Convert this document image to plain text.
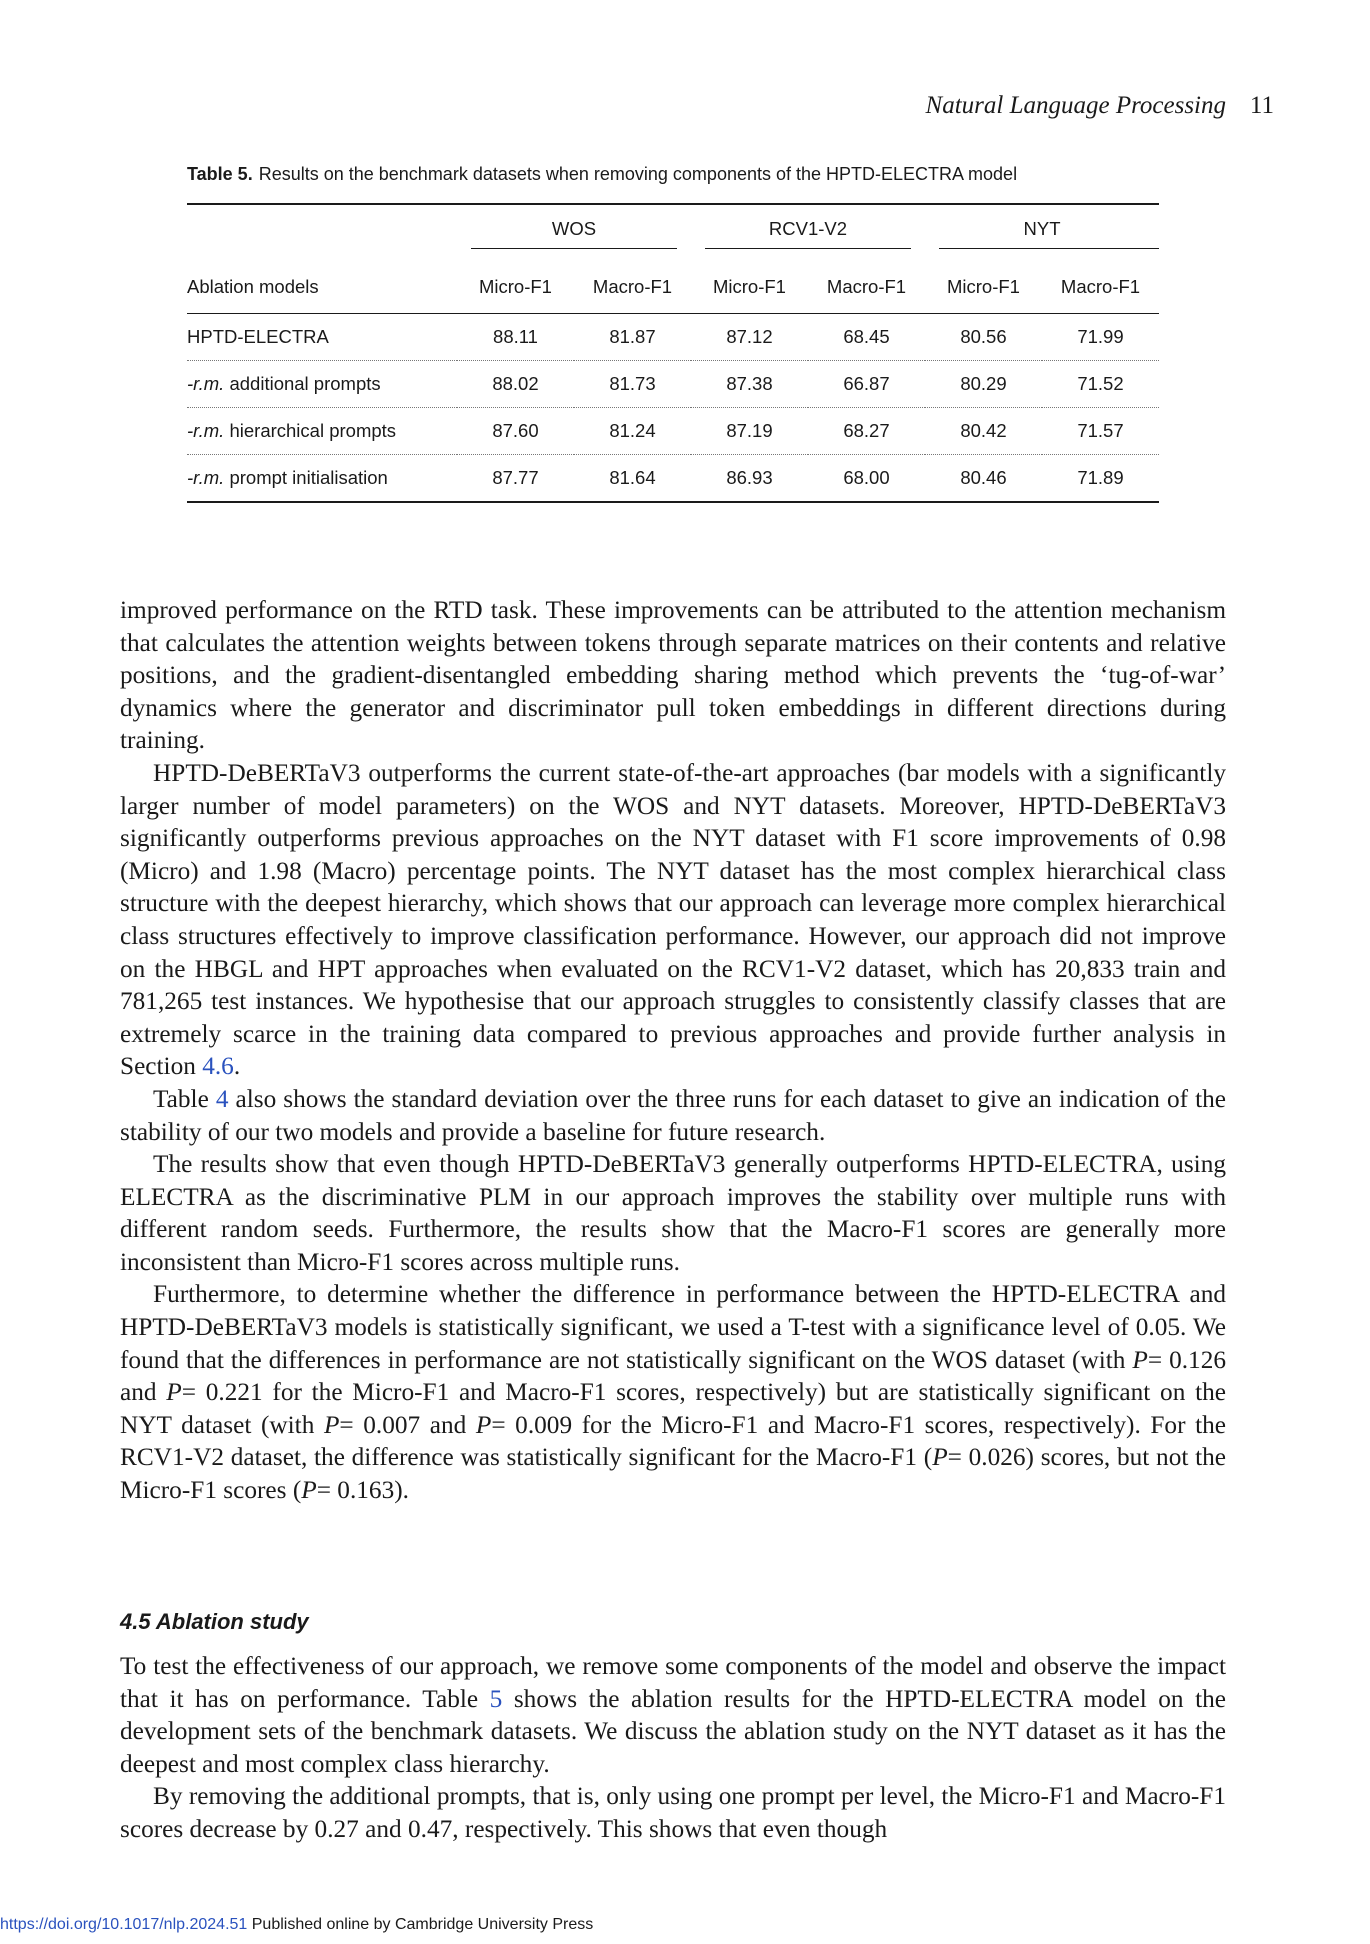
Natural Language Processing 11
Table 5. Results on the benchmark datasets when removing components of the HPTD-ELECTRA model
	WOS		RCV1-V2		NYT	

Ablation models	Micro-F1	Macro-F1	Micro-F1	Macro-F1	Micro-F1	Macro-F1
HPTD-ELECTRA	88.11	81.87	87.12	68.45	80.56	71.99
-r.m. additional prompts	88.02	81.73	87.38	66.87	80.29	71.52
-r.m. hierarchical prompts	87.60	81.24	87.19	68.27	80.42	71.57
-r.m. prompt initialisation	87.77	81.64	86.93	68.00	80.46	71.89

improved performance on the RTD task. These improvements can be attributed to the attention mechanism that calculates the attention weights between tokens through separate matrices on their contents and relative positions, and the gradient-disentangled embedding sharing method which prevents the ‘tug-of-war’ dynamics where the generator and discriminator pull token embeddings in different directions during training.

HPTD-DeBERTaV3 outperforms the current state-of-the-art approaches (bar models with a significantly larger number of model parameters) on the WOS and NYT datasets. Moreover, HPTD-DeBERTaV3 significantly outperforms previous approaches on the NYT dataset with F1 score improvements of 0.98 (Micro) and 1.98 (Macro) percentage points. The NYT dataset has the most complex hierarchical class structure with the deepest hierarchy, which shows that our approach can leverage more complex hierarchical class structures effectively to improve classification performance. However, our approach did not improve on the HBGL and HPT approaches when evaluated on the RCV1-V2 dataset, which has 20,833 train and 781,265 test instances. We hypothesise that our approach struggles to consistently classify classes that are extremely scarce in the training data compared to previous approaches and provide further analysis in Section 4.6.

Table 4 also shows the standard deviation over the three runs for each dataset to give an indication of the stability of our two models and provide a baseline for future research.

The results show that even though HPTD-DeBERTaV3 generally outperforms HPTD-ELECTRA, using ELECTRA as the discriminative PLM in our approach improves the stability over multiple runs with different random seeds. Furthermore, the results show that the Macro-F1 scores are generally more inconsistent than Micro-F1 scores across multiple runs.

Furthermore, to determine whether the difference in performance between the HPTD-ELECTRA and HPTD-DeBERTaV3 models is statistically significant, we used a T-test with a significance level of 0.05. We found that the differences in performance are not statistically significant on the WOS dataset (with P= 0.126 and P= 0.221 for the Micro-F1 and Macro-F1 scores, respectively) but are statistically significant on the NYT dataset (with P= 0.007 and P= 0.009 for the Micro-F1 and Macro-F1 scores, respectively). For the RCV1-V2 dataset, the difference was statistically significant for the Macro-F1 (P= 0.026) scores, but not the Micro-F1 scores (P= 0.163).

4.5 Ablation study

To test the effectiveness of our approach, we remove some components of the model and observe the impact that it has on performance. Table 5 shows the ablation results for the HPTD-ELECTRA model on the development sets of the benchmark datasets. We discuss the ablation study on the NYT dataset as it has the deepest and most complex class hierarchy.

By removing the additional prompts, that is, only using one prompt per level, the Micro-F1 and Macro-F1 scores decrease by 0.27 and 0.47, respectively. This shows that even though

https://doi.org/10.1017/nlp.2024.51 Published online by Cambridge University Press
